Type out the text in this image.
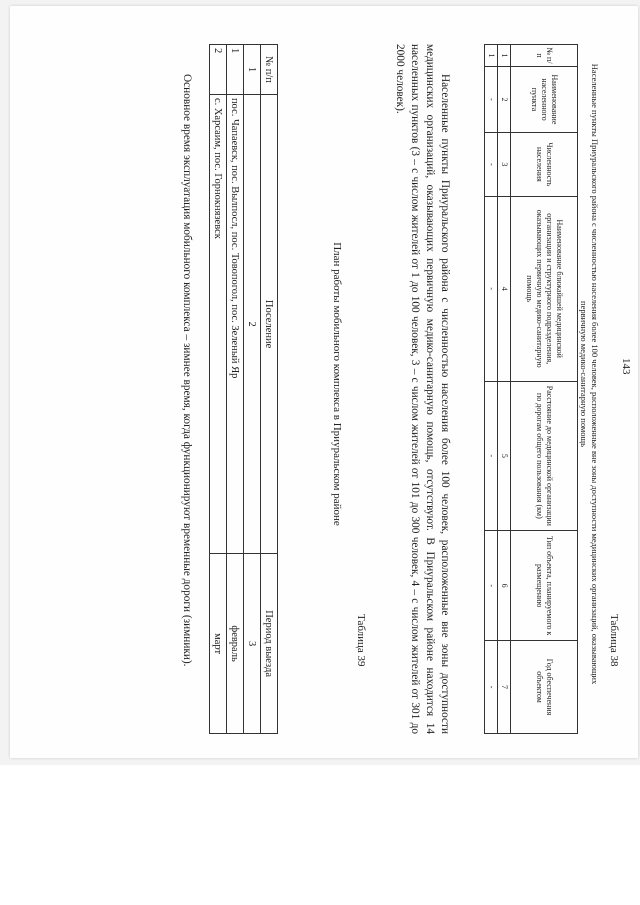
143
Таблица 38
Населенные пункты Приуральского района с численностью населения более 100 человек, расположенные вне зоны доступности медицинских организаций, оказывающих первичную медико-санитарную помощь
№ п/п	Наименование населенного пункта	Численность населения	Наименование ближайшей медицинской организации и структурного подразделения, оказывающих первичную медико-санитарную помощь	Расстояние до медицинской организации по дорогам общего пользования (км)	Тип объекта, планируемого к размещению	Год обеспечения объектом
1	2	3	4	5	6	7
1	-	-	-	-	-	-

Населенные пункты Приуральского района с численностью населения более 100 человек, расположенные вне зоны доступности медицинских организаций, оказывающих первичную медико-санитарную помощь, отсутствуют. В Приуральском районе находится 14 населенных пунктов (3 – с числом жителей от 1 до 100 человек, 3 – с числом жителей от 101 до 300 человек, 4 – с числом жителей от 301 до 2000 человек).

Таблица 39
План работы мобильного комплекса в Приуральском районе
№ п/п	Поселение	Период выезда
1	2	3
1	пос. Чапаевск, пос. Вылпосл, пос. Товопогол, пос. Зеленый Яр	февраль
2	с. Харсаим, пос. Горнокнязевск	март

Основное время эксплуатация мобильного комплекса – зимнее время, когда функционируют временные дороги (зимники).
